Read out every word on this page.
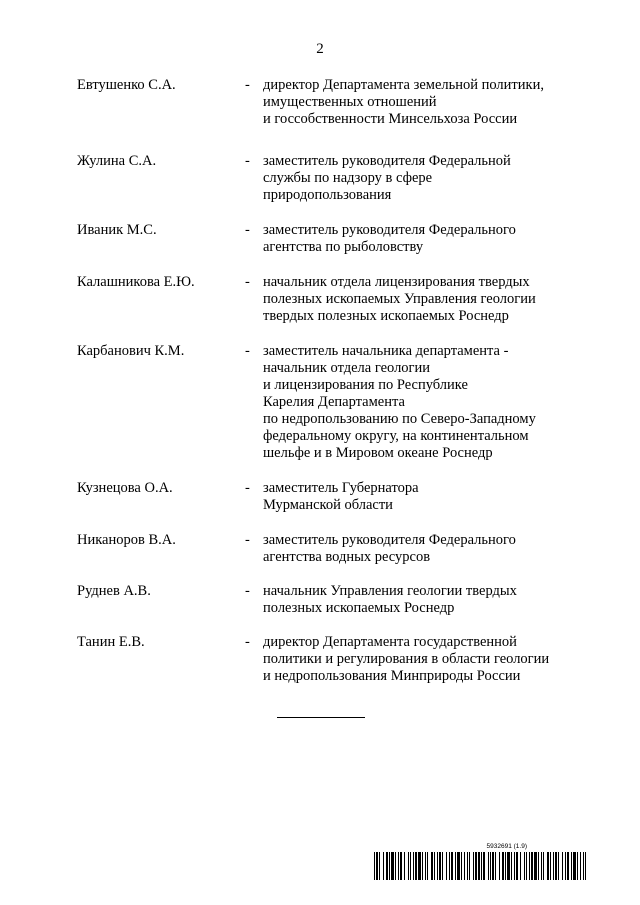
2
Евтушенко С.А.	- директор Департамента земельной политики,
имущественных отношений
и госсобственности Минсельхоза России
Жулина С.А.	- заместитель руководителя Федеральной
службы по надзору в сфере
природопользования
Иваник М.С.	- заместитель руководителя Федерального
агентства по рыболовству
Калашникова Е.Ю.	- начальник отдела лицензирования твердых
полезных ископаемых Управления геологии
твердых полезных ископаемых Роснедр
Карбанович К.М.	- заместитель начальника департамента -
начальник отдела геологии
и лицензирования по Республике
Карелия Департамента
по недропользованию по Северо-Западному
федеральному округу, на континентальном
шельфе и в Мировом океане Роснедр
Кузнецова О.А.	- заместитель Губернатора
Мурманской области
Никаноров В.А.	- заместитель руководителя Федерального
агентства водных ресурсов
Руднев А.В.	- начальник Управления геологии твердых
полезных ископаемых Роснедр
Танин Е.В.	- директор Департамента государственной
политики и регулирования в области геологии
и недропользования Минприроды России
5932691 (1.9)
